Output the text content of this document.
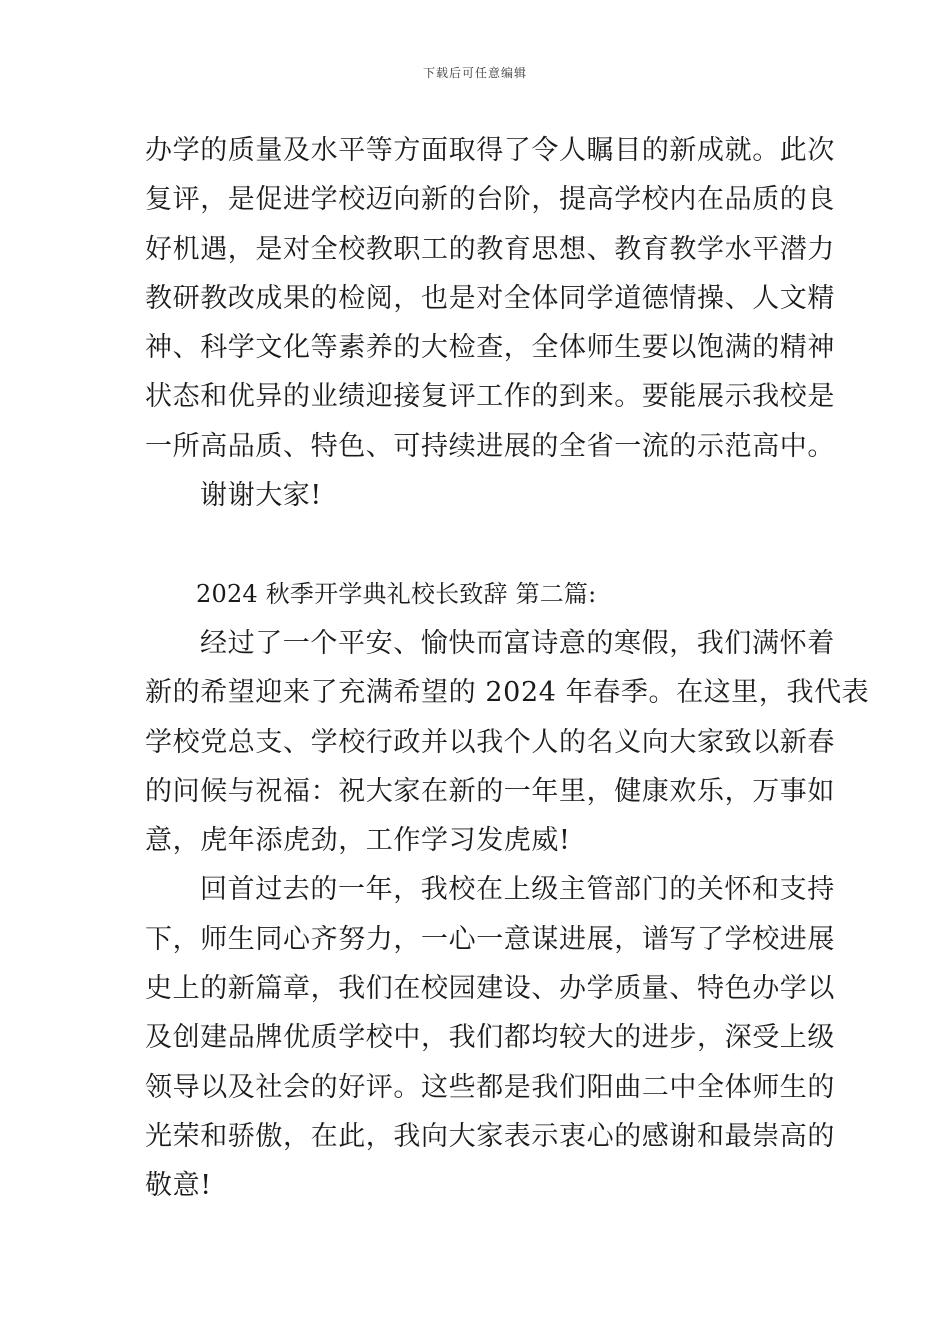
下载后可任意编辑
办学的质量及水平等方面取得了令人瞩目的新成就。此次
复评，是促进学校迈向新的台阶，提高学校内在品质的良
好机遇，是对全校教职工的教育思想、教育教学水平潜力
教研教改成果的检阅，也是对全体同学道德情操、人文精
神、科学文化等素养的大检查，全体师生要以饱满的精神
状态和优异的业绩迎接复评工作的到来。要能展示我校是
一所高品质、特色、可持续进展的全省一流的示范高中。
谢谢大家!
2024 秋季开学典礼校长致辞 第二篇:
经过了一个平安、愉快而富诗意的寒假，我们满怀着
新的希望迎来了充满希望的 2024 年春季。在这里，我代表
学校党总支、学校行政并以我个人的名义向大家致以新春
的问候与祝福：祝大家在新的一年里，健康欢乐，万事如
意，虎年添虎劲，工作学习发虎威!
回首过去的一年，我校在上级主管部门的关怀和支持
下，师生同心齐努力，一心一意谋进展，谱写了学校进展
史上的新篇章，我们在校园建设、办学质量、特色办学以
及创建品牌优质学校中，我们都均较大的进步，深受上级
领导以及社会的好评。这些都是我们阳曲二中全体师生的
光荣和骄傲，在此，我向大家表示衷心的感谢和最崇高的
敬意!
